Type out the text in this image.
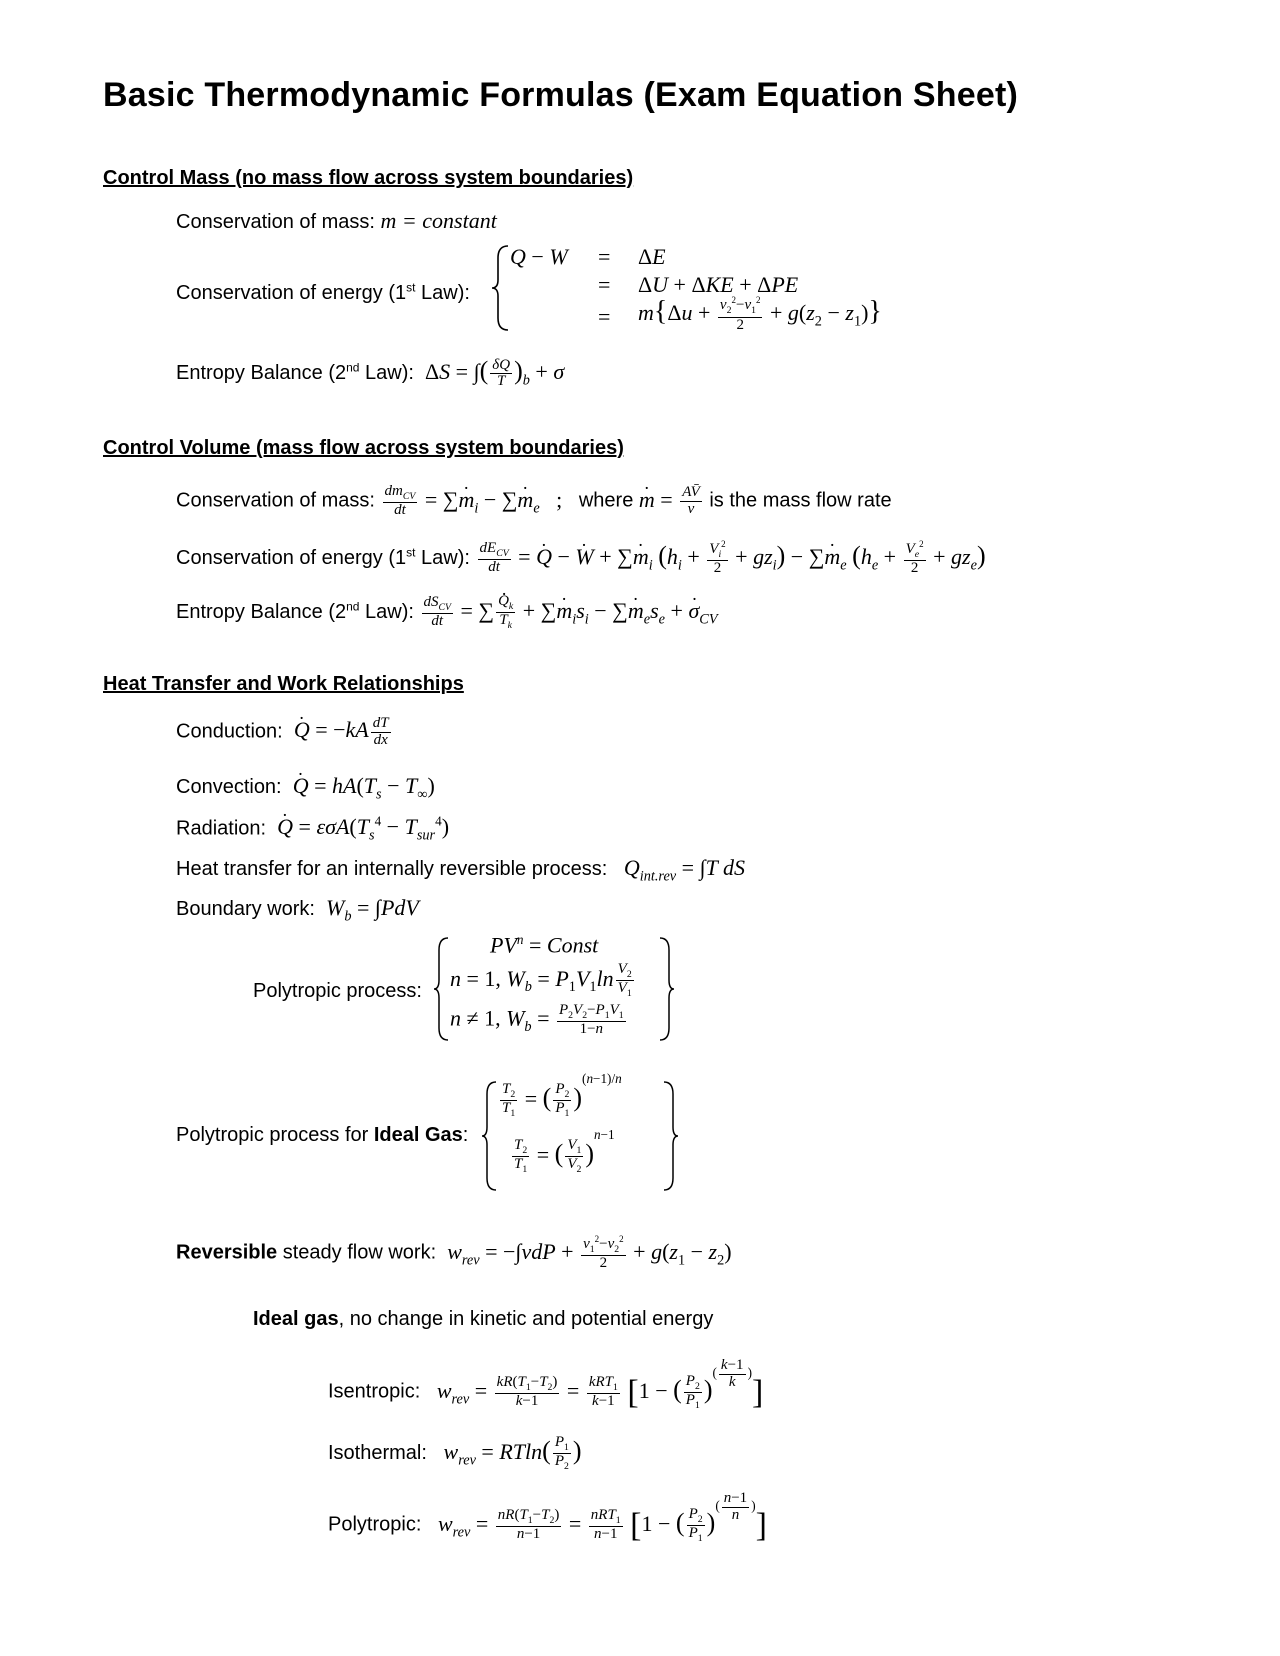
Basic Thermodynamic Formulas (Exam Equation Sheet)
Control Mass (no mass flow across system boundaries)
Conservation of mass: m = constant
Conservation of energy (1st Law):
Q − W = ΔE
= ΔU + ΔKE + ΔPE
= $m\{\Delta u + \frac{v_2^2-v_1^2}{2} + g(z_2 - z_1)\}$
Entropy Balance (2nd Law): ΔS = ∫( $\frac{\delta Q}{T} )_b + \sigma$
Control Volume (mass flow across system boundaries)
Conservation of mass: $\frac{dm_{CV}}{dt}$ = ∑. $m_i$ − ∑. $m_e$   ;   where . $m = \frac{AV̄}{v}$ is the mass flow rate
Conservation of energy (1st Law): $\frac{dE_{CV}}{dt}$ = . Q − . W + ∑. $m_i$ $(h_i + \frac{V_i^2}{2} + gz_i)$ − ∑. $m_e$ $(h_e + \frac{V_e^2}{2} + gz_e)$
Entropy Balance (2nd Law): $\frac{dS_{CV}}{dt}$ = ∑ . $\frac{Q_k}{T_k}$ + ∑. $m_is_i$ − ∑. $m_es_e$ + . $\sigma_{CV}$
Heat Transfer and Work Relationships
Conduction: . $Q = -kA \frac{dT}{dx}$
Convection: . $Q = hA(T_s - T_\infty)$
Radiation: . $Q = \varepsilon\sigma A(T_s^4 - T_{sur}^4)$
Heat transfer for an internally reversible process: $Q_{int.rev} = \int T$ dS
Boundary work: $W_b = \int PdV$
Polytropic process:
$PV^n$ = Const
n = 1, $W_b = P_1V_1\ln \frac{V_2}{V_1}$
n ≠ 1, $W_b = \frac{P_2V_2-P_1V_1}{1-n}$
Polytropic process for Ideal Gas:
$\frac{T_2}{T_1}$ = ( $\frac{P_2}{P_1} )^{(n-1)/n}$
$\frac{T_2}{T_1}$ = ( $\frac{V_1}{V_2} )^{n-1}$
Reversible steady flow work: $w_{rev} = -\int vdP + \frac{v_1^2-v_2^2}{2} + g(z_1 - z_2)$
Ideal gas, no change in kinetic and potential energy
Isentropic: $w_{rev} = \frac{kR(T_1-T_2)}{k-1} = \frac{kRT_1}{k-1} [1$ − ( $\frac{P_2}{P_1} )^{( \frac{k-1}{k} )}$]
Isothermal: $w_{rev} = RTln( \frac{P_1}{P_2}$ )
Polytropic: $w_{rev} = \frac{nR(T_1-T_2)}{n-1} = \frac{nRT_1}{n-1} [1$ − ( $\frac{P_2}{P_1} )^{( \frac{n-1}{n} )}$]
